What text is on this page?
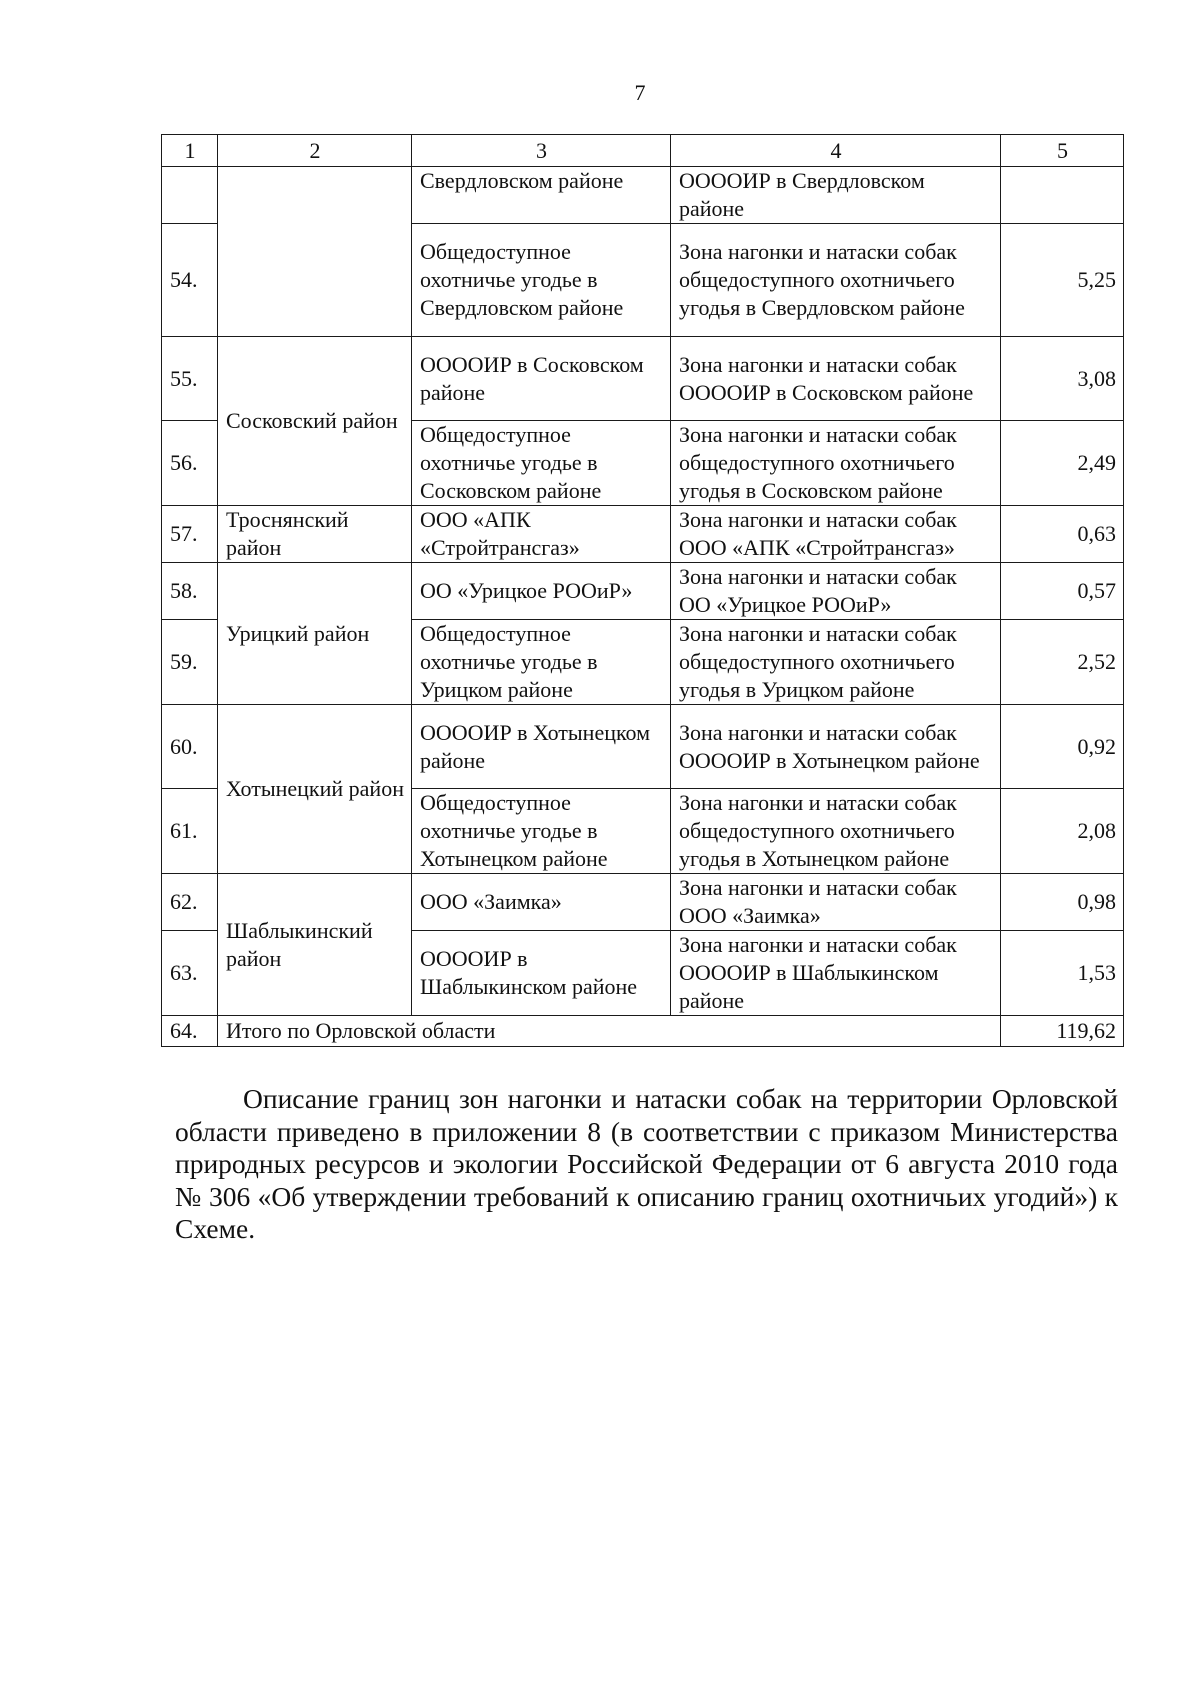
7
1	2	3	4	5
		Свердловском районе	ООООИР в Свердловском районе	
54.		Общедоступное охотничье угодье в Свердловском районе	Зона нагонки и натаски собак общедоступного охотничьего угодья в Свердловском районе	5,25
55.	Сосковский район	ООООИР в Сосковском районе	Зона нагонки и натаски собак ООООИР в Сосковском районе	3,08
56.		Общедоступное охотничье угодье в Сосковском районе	Зона нагонки и натаски собак общедоступного охотничьего угодья в Сосковском районе	2,49
57.	Троснянский район	ООО «АПК «Стройтрансгаз»	Зона нагонки и натаски собак ООО «АПК «Стройтрансгаз»	0,63
58.	Урицкий район	ОО «Урицкое РООиР»	Зона нагонки и натаски собак ОО «Урицкое РООиР»	0,57
59.		Общедоступное охотничье угодье в Урицком районе	Зона нагонки и натаски собак общедоступного охотничьего угодья в Урицком районе	2,52
60.	Хотынецкий район	ООООИР в Хотынецком районе	Зона нагонки и натаски собак ООООИР в Хотынецком районе	0,92
61.		Общедоступное охотничье угодье в Хотынецком районе	Зона нагонки и натаски собак общедоступного охотничьего угодья в Хотынецком районе	2,08
62.	Шаблыкинский район	ООО «Заимка»	Зона нагонки и натаски собак ООО «Заимка»	0,98
63.		ООООИР в Шаблыкинском районе	Зона нагонки и натаски собак ООООИР в Шаблыкинском районе	1,53
64.	Итого по Орловской области			119,62

Описание границ зон нагонки и натаски собак на территории Орловской области приведено в приложении 8 (в соответствии с приказом Министерства природных ресурсов и экологии Российской Федерации от 6 августа 2010 года № 306 «Об утверждении требований к описанию границ охотничьих угодий») к Схеме.
